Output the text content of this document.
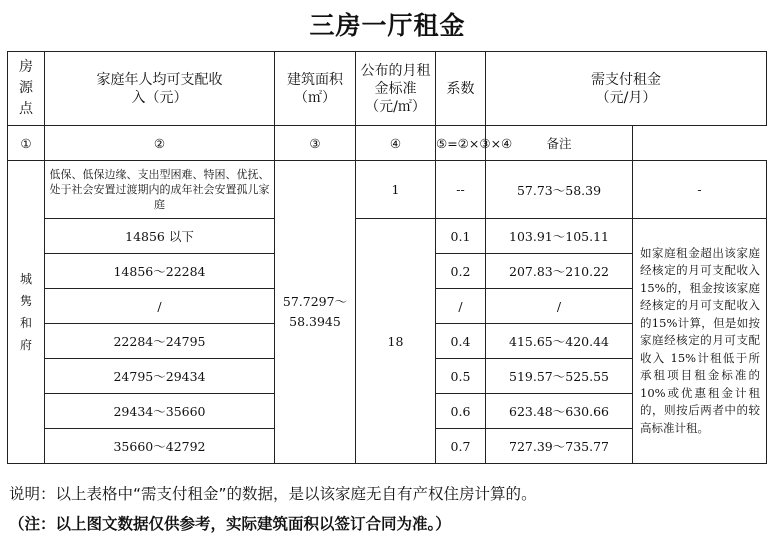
三房一厅租金
房源点	家庭年人均可支配收入（元）	建筑面积（㎡）	公布的月租金标准（元/㎡）	系数	需支付租金（元/月）

①	②	③	④	⑤=②×③×④	备注
城隽和府	低保、低保边缘、支出型困难、特困、优抚、处于社会安置过渡期内的成年社会安置孤儿家庭	57.7297～58.3945	1	--	57.73～58.39	-
	14856 以下		18	0.1	103.91～105.11	如家庭租金超出该家庭经核定的月可支配收入 15%的，租金按该家庭经核定的月可支配收入的15%计算，但是如按家庭经核定的月可支配收入 15%计租低于所承租项目租金标准的 10%或优惠租金计租的，则按后两者中的较高标准计租。
	14856～22284			0.2	207.83～210.22	
	/			/	/	
	22284～24795			0.4	415.65～420.44	
	24795～29434			0.5	519.57～525.55	
	29434～35660			0.6	623.48～630.66	
	35660～42792			0.7	727.39～735.77	
说明：以上表格中“需支付租金”的数据，是以该家庭无自有产权住房计算的。
（注：以上图文数据仅供参考，实际建筑面积以签订合同为准。）
